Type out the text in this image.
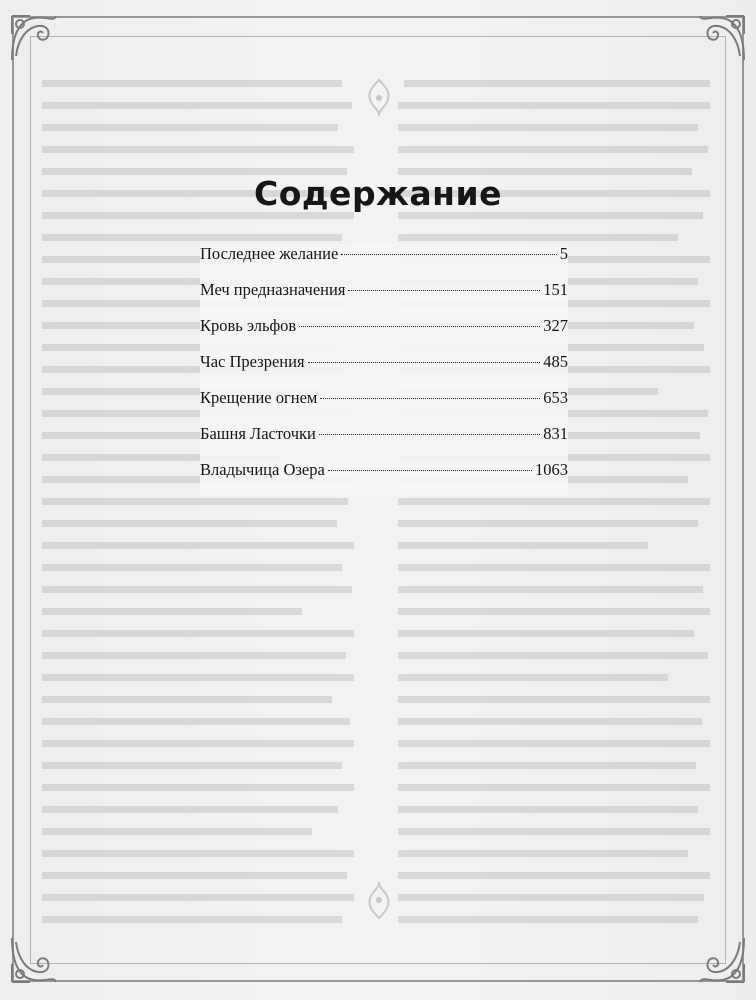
Содержание
Последнее желание	5
Меч предназначения	151
Кровь эльфов	327
Час Презрения	485
Крещение огнем	653
Башня Ласточки	831
Владычица Озера	1063
